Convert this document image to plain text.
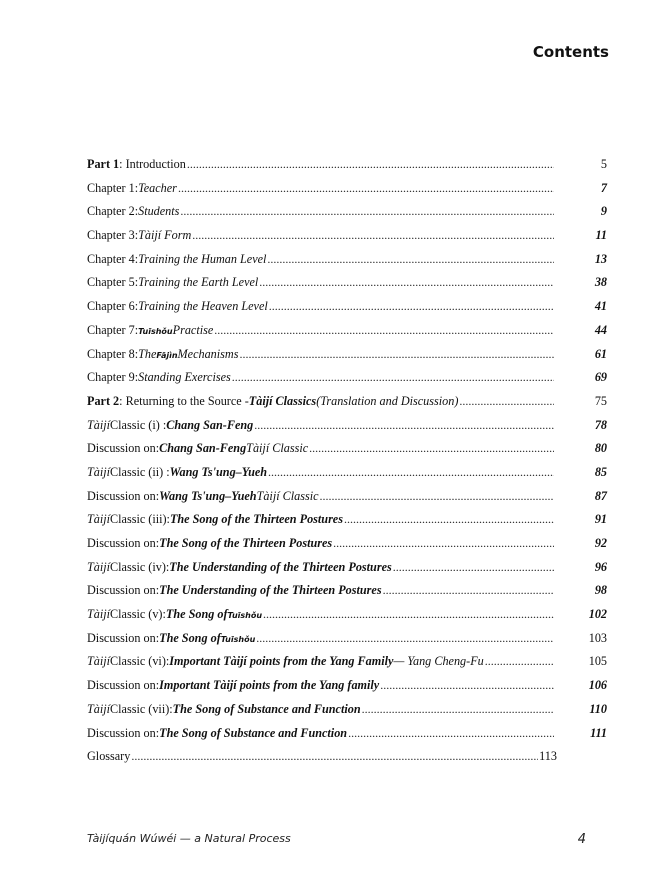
Contents
Part 1 : Introduction .....	5
Chapter 1: Teacher .....	7
Chapter 2: Students .....	9
Chapter 3: Tàijí Form .....	11
Chapter 4: Training the Human Level .....	13
Chapter 5: Training the Earth Level .....	38
Chapter 6: Training the Heaven Level .....	41
Chapter 7: Tuīshǒu Practise .....	44
Chapter 8: The Fājìn Mechanisms .....	61
Chapter 9: Standing Exercises .....	69
Part 2 : Returning to the Source - Tàijí Classics (Translation and Discussion) .....	75
Tàijí Classic (i) : Chang San-Feng .....	78
Discussion on: Chang San-Feng Tàijí Classic .....	80
Tàijí Classic (ii) : Wang Ts'ung–Yueh .....	85
Discussion on: Wang Ts'ung–Yueh Tàijí Classic .....	87
Tàijí Classic (iii): The Song of the Thirteen Postures .....	91
Discussion on: The Song of the Thirteen Postures .....	92
Tàijí Classic (iv): The Understanding of the Thirteen Postures .....	96
Discussion on: The Understanding of the Thirteen Postures .....	98
Tàijí Classic (v): The Song of Tuīshǒu .....	102
Discussion on: The Song of Tuīshǒu .....	103
Tàijí Classic (vi): Important Tàijí points from the Yang Family — Yang Cheng-Fu .....	105
Discussion on: Important Tàijí points from the Yang family .....	106
Tàijí Classic (vii): The Song of Substance and Function .....	110
Discussion on: The Song of Substance and Function .....	111
Glossary .....	113
Tàijíquán Wúwéi — a Natural Process	4
